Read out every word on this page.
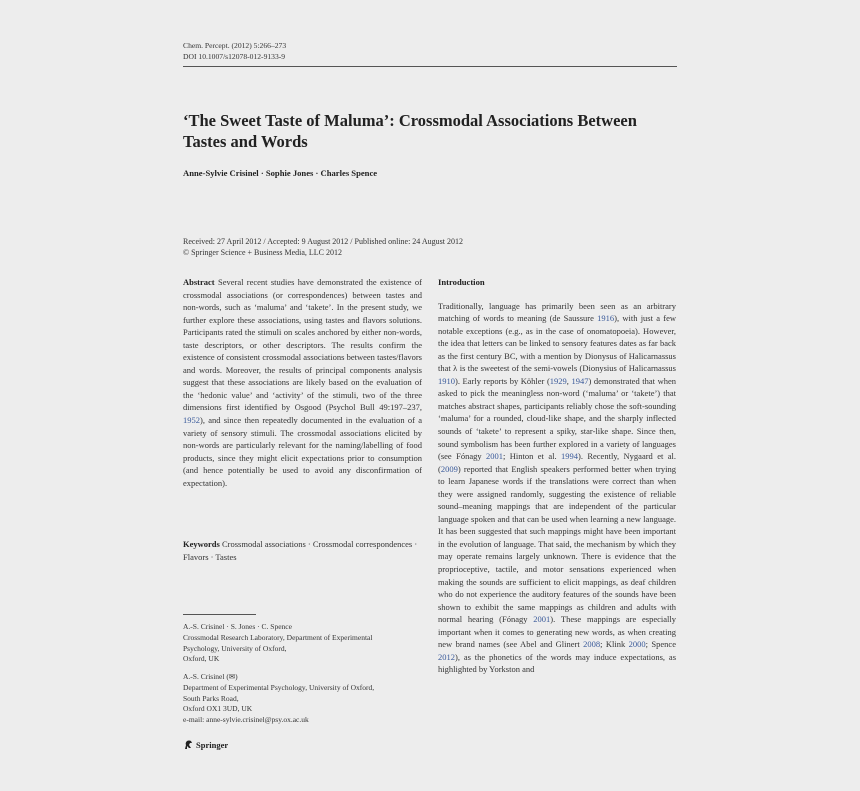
Chem. Percept. (2012) 5:266–273
DOI 10.1007/s12078-012-9133-9
‘The Sweet Taste of Maluma’: Crossmodal Associations Between Tastes and Words
Anne-Sylvie Crisinel · Sophie Jones · Charles Spence
Received: 27 April 2012 / Accepted: 9 August 2012 / Published online: 24 August 2012
© Springer Science + Business Media, LLC 2012

Abstract Several recent studies have demonstrated the existence of crossmodal associations (or correspondences) between tastes and non-words, such as ‘maluma’ and ‘takete’. In the present study, we further explore these associations, using tastes and flavors solutions. Participants rated the stimuli on scales anchored by either non-words, taste descriptors, or other descriptors. The results confirm the existence of consistent crossmodal associations between tastes/flavors and words. Moreover, the results of principal components analysis suggest that these associations are likely based on the evaluation of the ‘hedonic value’ and ‘activity’ of the stimuli, two of the three dimensions first identified by Osgood (Psychol Bull 49:197–237, 1952), and since then repeatedly documented in the evaluation of a variety of sensory stimuli. The crossmodal associations elicited by non-words are particularly relevant for the naming/labelling of food products, since they might elicit expectations prior to consumption (and hence potentially be used to avoid any disconfirmation of expectation).

Keywords Crossmodal associations · Crossmodal correspondences · Flavors · Tastes
A.-S. Crisinel · S. Jones · C. Spence
Crossmodal Research Laboratory, Department of Experimental
Psychology, University of Oxford,
Oxford, UK
A.-S. Crisinel (✉)
Department of Experimental Psychology, University of Oxford,
South Parks Road,
Oxford OX1 3UD, UK
e-mail: anne-sylvie.crisinel@psy.ox.ac.uk
Introduction

Traditionally, language has primarily been seen as an arbitrary matching of words to meaning (de Saussure 1916), with just a few notable exceptions (e.g., as in the case of onomatopoeia). However, the idea that letters can be linked to sensory features dates as far back as the first century BC, with a mention by Dionysus of Halicarnassus that λ is the sweetest of the semi-vowels (Dionysius of Halicarnassus 1910). Early reports by Köhler (1929, 1947) demonstrated that when asked to pick the meaningless non-word (‘maluma’ or ‘takete’) that matches abstract shapes, participants reliably chose the soft-sounding ‘maluma’ for a rounded, cloud-like shape, and the sharply inflected sounds of ‘takete’ to represent a spiky, star-like shape. Since then, sound symbolism has been further explored in a variety of languages (see Fónagy 2001; Hinton et al. 1994). Recently, Nygaard et al. (2009) reported that English speakers performed better when trying to learn Japanese words if the translations were correct than when they were assigned randomly, suggesting the existence of reliable sound–meaning mappings that are independent of the particular language spoken and that can be used when learning a new language. It has been suggested that such mappings might have been important in the evolution of language. That said, the mechanism by which they may operate remains largely unknown. There is evidence that the proprioceptive, tactile, and motor sensations experienced when making the sounds are sufficient to elicit mappings, as deaf children who do not experience the auditory features of the sounds have been shown to exhibit the same mappings as children and adults with normal hearing (Fónagy 2001). These mappings are especially important when it comes to generating new words, as when creating new brand names (see Abel and Glinert 2008; Klink 2000; Spence 2012), as the phonetics of the words may induce expectations, as highlighted by Yorkston and

Springer
